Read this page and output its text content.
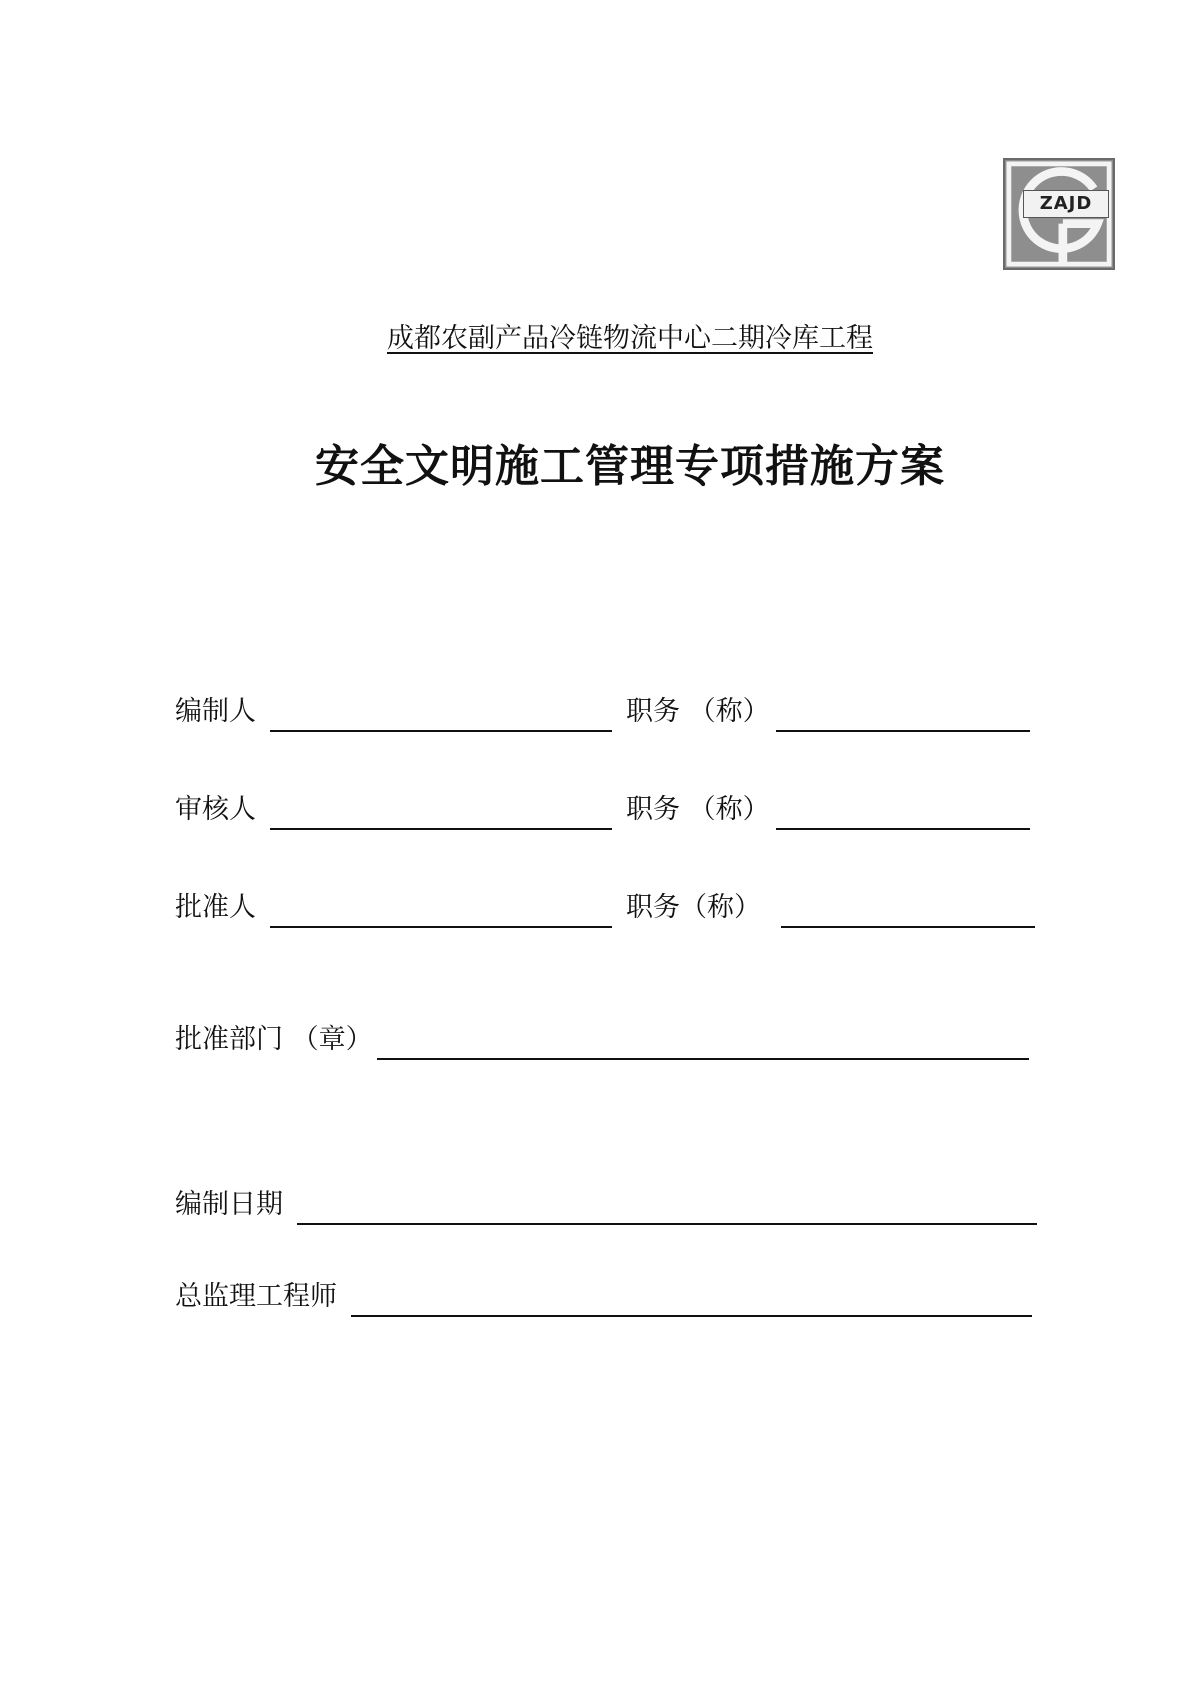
ZAJD
成都农副产品冷链物流中心二期冷库工程
安全文明施工管理专项措施方案
编制人	职务 （称）
审核人	职务 （称）
批准人	职务（称）
批准部门 （章）
编制日期
总监理工程师
